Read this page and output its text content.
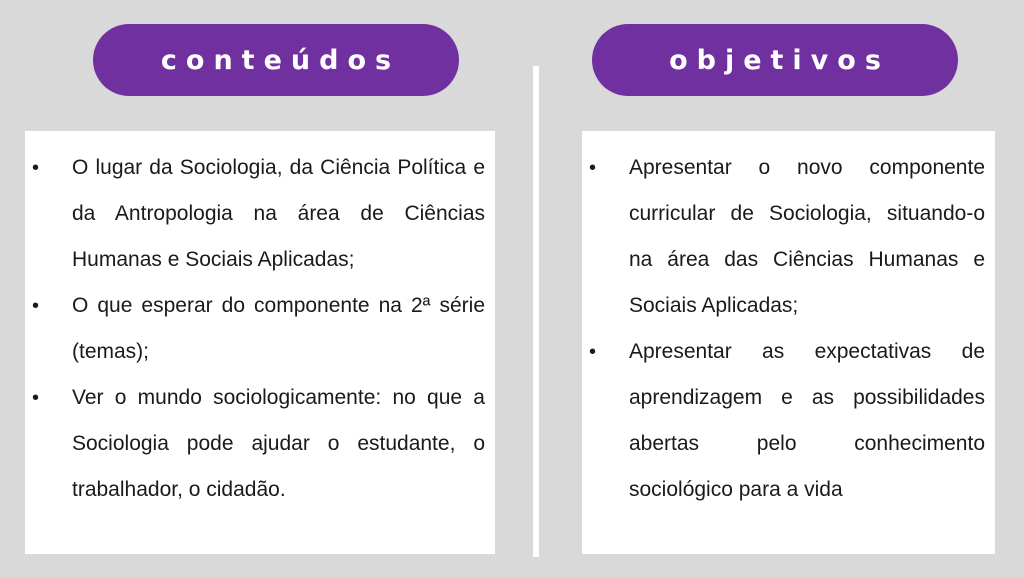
conteúdos	objetivos
• O lugar da Sociologia, da Ciência Política e da Antropologia na área de Ciências Humanas e Sociais Aplicadas;
• O que esperar do componente na 2ª série (temas);
• Ver o mundo sociologicamente: no que a Sociologia pode ajudar o estudante, o trabalhador, o cidadão.
• Apresentar o novo componente curricular de Sociologia, situando-o na área das Ciências Humanas e Sociais Aplicadas;
• Apresentar as expectativas de aprendizagem e as possibilidades abertas pelo conhecimento sociológico para a vida
